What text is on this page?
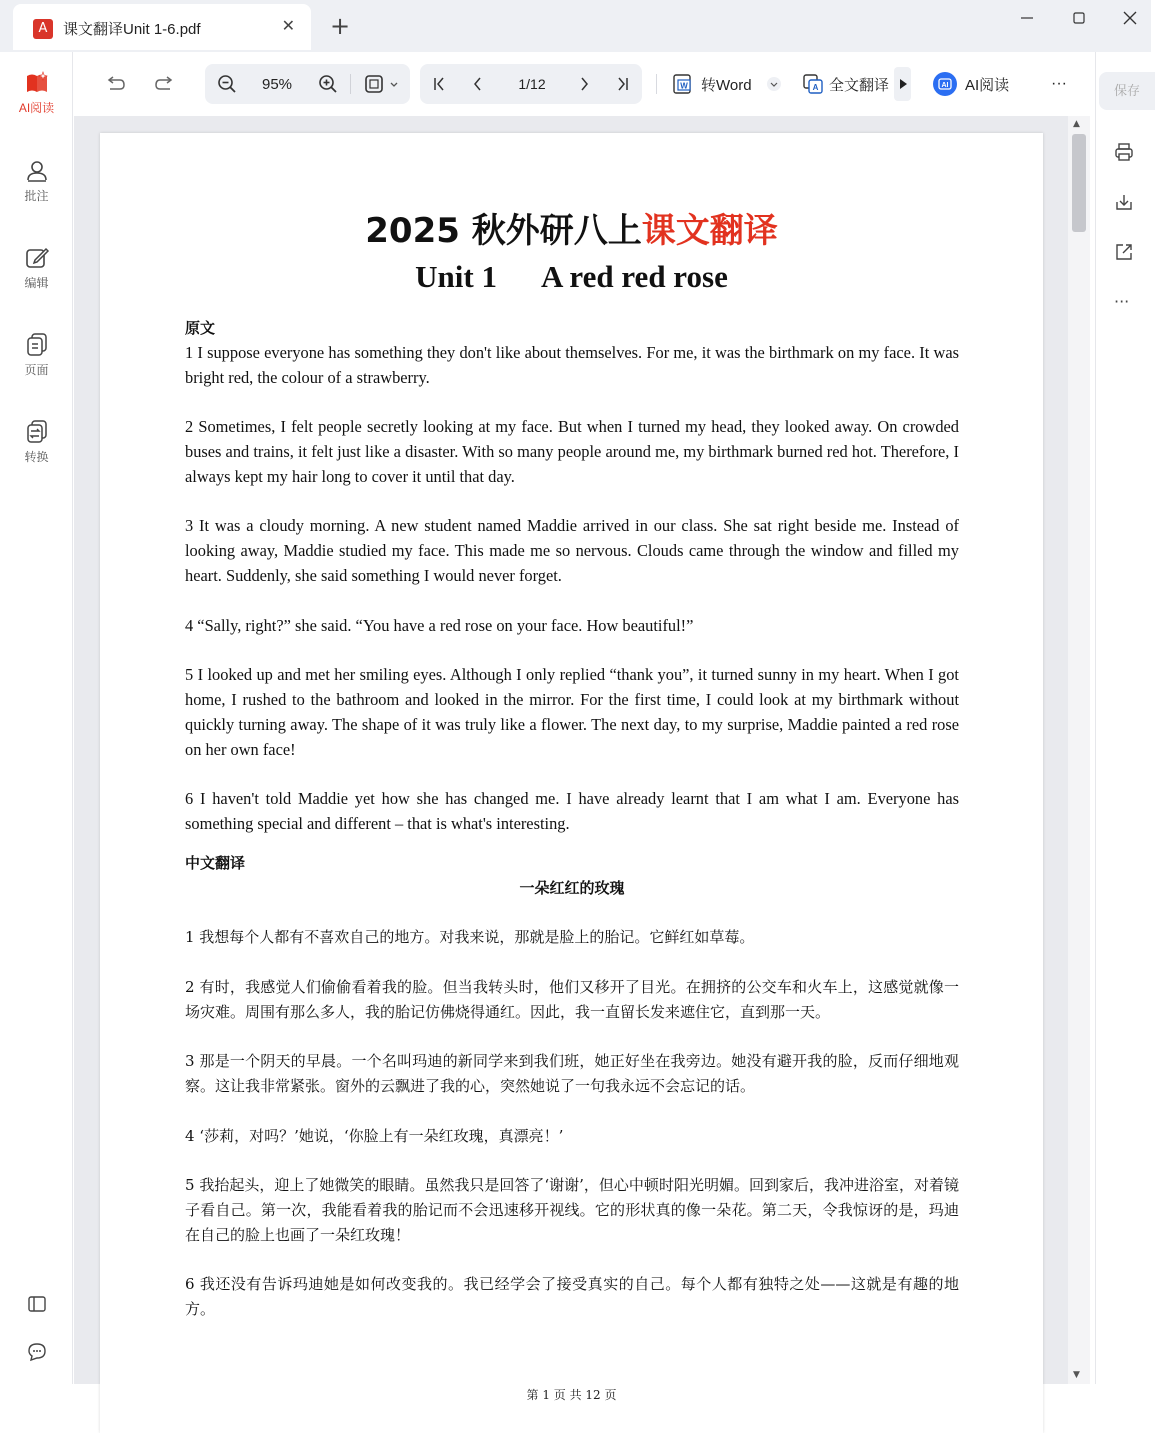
A	课文翻译Unit 1-6.pdf	✕ +
AI阅读
批注
编辑
页面
转换
95%	1/12	W 转Word	A 全文翻译	AI AI阅读	···	保存
···
2025 秋外研八上课文翻译
Unit 1 A red red rose
原文
1 I suppose everyone has something they don't like about themselves. For me, it was the birthmark on my face. It was bright red, the colour of a strawberry.
2 Sometimes, I felt people secretly looking at my face. But when I turned my head, they looked away. On crowded buses and trains, it felt just like a disaster. With so many people around me, my birthmark burned red hot. Therefore, I always kept my hair long to cover it until that day.
3 It was a cloudy morning. A new student named Maddie arrived in our class. She sat right beside me. Instead of looking away, Maddie studied my face. This made me so nervous. Clouds came through the window and filled my heart. Suddenly, she said something I would never forget.
4 “Sally, right?” she said. “You have a red rose on your face. How beautiful!”
5 I looked up and met her smiling eyes. Although I only replied “thank you”, it turned sunny in my heart. When I got home, I rushed to the bathroom and looked in the mirror. For the first time, I could look at my birthmark without quickly turning away. The shape of it was truly like a flower. The next day, to my surprise, Maddie painted a red rose on her own face!
6 I haven't told Maddie yet how she has changed me. I have already learnt that I am what I am. Everyone has something special and different – that is what's interesting.
中文翻译
一朵红红的玫瑰
1 我想每个人都有不喜欢自己的地方。对我来说，那就是脸上的胎记。它鲜红如草莓。
2 有时，我感觉人们偷偷看着我的脸。但当我转头时，他们又移开了目光。在拥挤的公交车和火车上，这感觉就像一场灾难。周围有那么多人，我的胎记仿佛烧得通红。因此，我一直留长发来遮住它，直到那一天。
3 那是一个阴天的早晨。一个名叫玛迪的新同学来到我们班，她正好坐在我旁边。她没有避开我的脸，反而仔细地观察。这让我非常紧张。窗外的云飘进了我的心，突然她说了一句我永远不会忘记的话。
4 ‘莎莉，对吗？’她说，‘你脸上有一朵红玫瑰，真漂亮！’
5 我抬起头，迎上了她微笑的眼睛。虽然我只是回答了‘谢谢’，但心中顿时阳光明媚。回到家后，我冲进浴室，对着镜子看自己。第一次，我能看着我的胎记而不会迅速移开视线。它的形状真的像一朵花。第二天，令我惊讶的是，玛迪在自己的脸上也画了一朵红玫瑰！
6 我还没有告诉玛迪她是如何改变我的。我已经学会了接受真实的自己。每个人都有独特之处——这就是有趣的地方。
第 1 页 共 12 页
▲
▼
